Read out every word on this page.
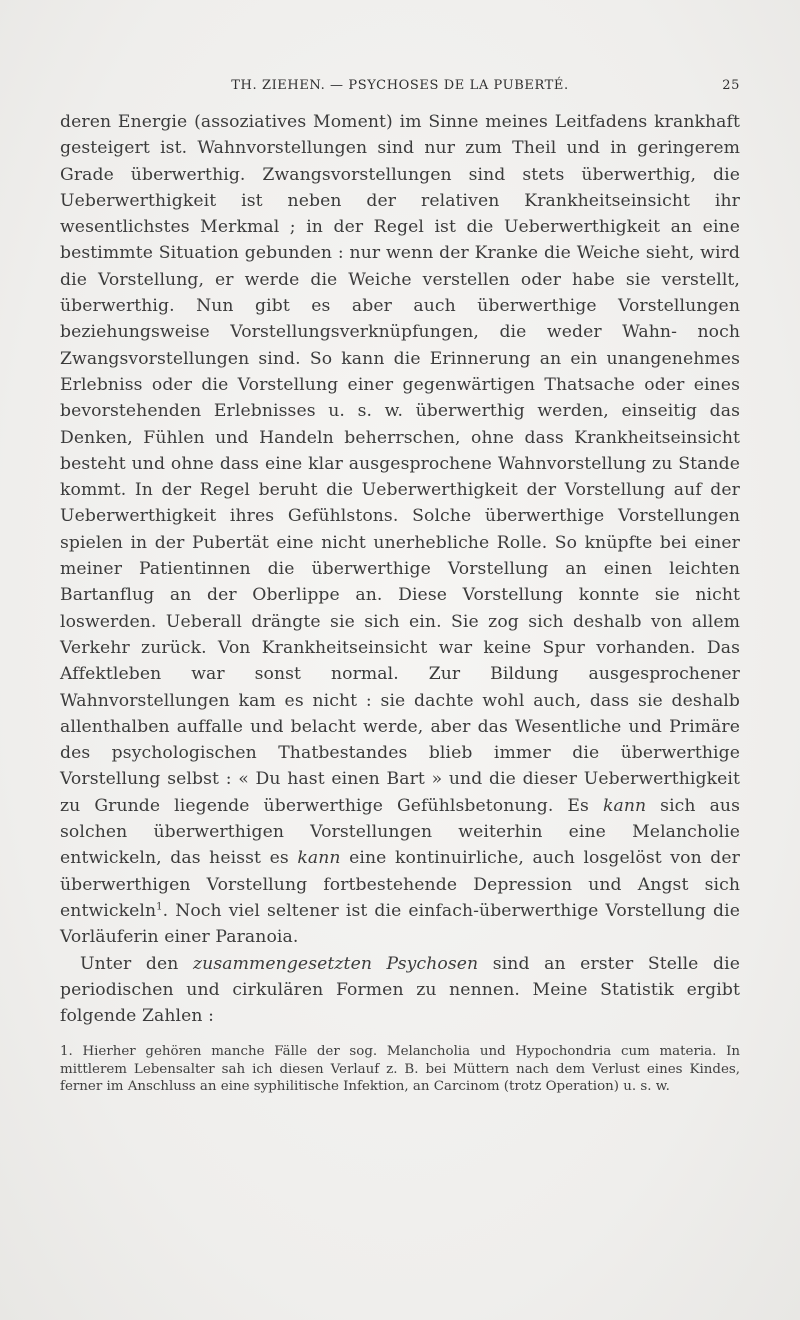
TH. ZIEHEN. — PSYCHOSES DE LA PUBERTÉ.	25

deren Energie (assoziatives Moment) im Sinne meines Leitfadens krankhaft gesteigert ist. Wahnvorstellungen sind nur zum Theil und in geringerem Grade überwerthig. Zwangsvorstellungen sind stets überwerthig, die Ueberwerthigkeit ist neben der relativen Krankheitseinsicht ihr wesentlichstes Merkmal ; in der Regel ist die Ueberwerthigkeit an eine bestimmte Situation gebunden : nur wenn der Kranke die Weiche sieht, wird die Vorstellung, er werde die Weiche verstellen oder habe sie verstellt, überwerthig. Nun gibt es aber auch überwerthige Vorstellungen beziehungsweise Vorstellungsverknüpfungen, die weder Wahn- noch Zwangsvorstellungen sind. So kann die Erinnerung an ein unangenehmes Erlebniss oder die Vorstellung einer gegenwärtigen Thatsache oder eines bevorstehenden Erlebnisses u. s. w. überwerthig werden, einseitig das Denken, Fühlen und Handeln beherrschen, ohne dass Krankheitseinsicht besteht und ohne dass eine klar ausgesprochene Wahnvorstellung zu Stande kommt. In der Regel beruht die Ueberwerthigkeit der Vorstellung auf der Ueberwerthigkeit ihres Gefühlstons. Solche überwerthige Vorstellungen spielen in der Pubertät eine nicht unerhebliche Rolle. So knüpfte bei einer meiner Patientinnen die überwerthige Vorstellung an einen leichten Bartanflug an der Oberlippe an. Diese Vorstellung konnte sie nicht loswerden. Ueberall drängte sie sich ein. Sie zog sich deshalb von allem Verkehr zurück. Von Krankheitseinsicht war keine Spur vorhanden. Das Affektleben war sonst normal. Zur Bildung ausgesprochener Wahnvorstellungen kam es nicht : sie dachte wohl auch, dass sie deshalb allenthalben auffalle und belacht werde, aber das Wesentliche und Primäre des psychologischen Thatbestandes blieb immer die überwerthige Vorstellung selbst : « Du hast einen Bart » und die dieser Ueberwerthigkeit zu Grunde liegende überwerthige Gefühlsbetonung. Es kann sich aus solchen überwerthigen Vorstellungen weiterhin eine Melancholie entwickeln, das heisst es kann eine kontinuirliche, auch losgelöst von der überwerthigen Vorstellung fortbestehende Depression und Angst sich entwickeln$^1$. Noch viel seltener ist die einfach-überwerthige Vorstellung die Vorläuferin einer Paranoia.

Unter den zusammengesetzten Psychosen sind an erster Stelle die periodischen und cirkulären Formen zu nennen. Meine Statistik ergibt folgende Zahlen :

1. Hierher gehören manche Fälle der sog. Melancholia und Hypochondria cum materia. In mittlerem Lebensalter sah ich diesen Verlauf z. B. bei Müttern nach dem Verlust eines Kindes, ferner im Anschluss an eine syphilitische Infektion, an Carcinom (trotz Operation) u. s. w.
